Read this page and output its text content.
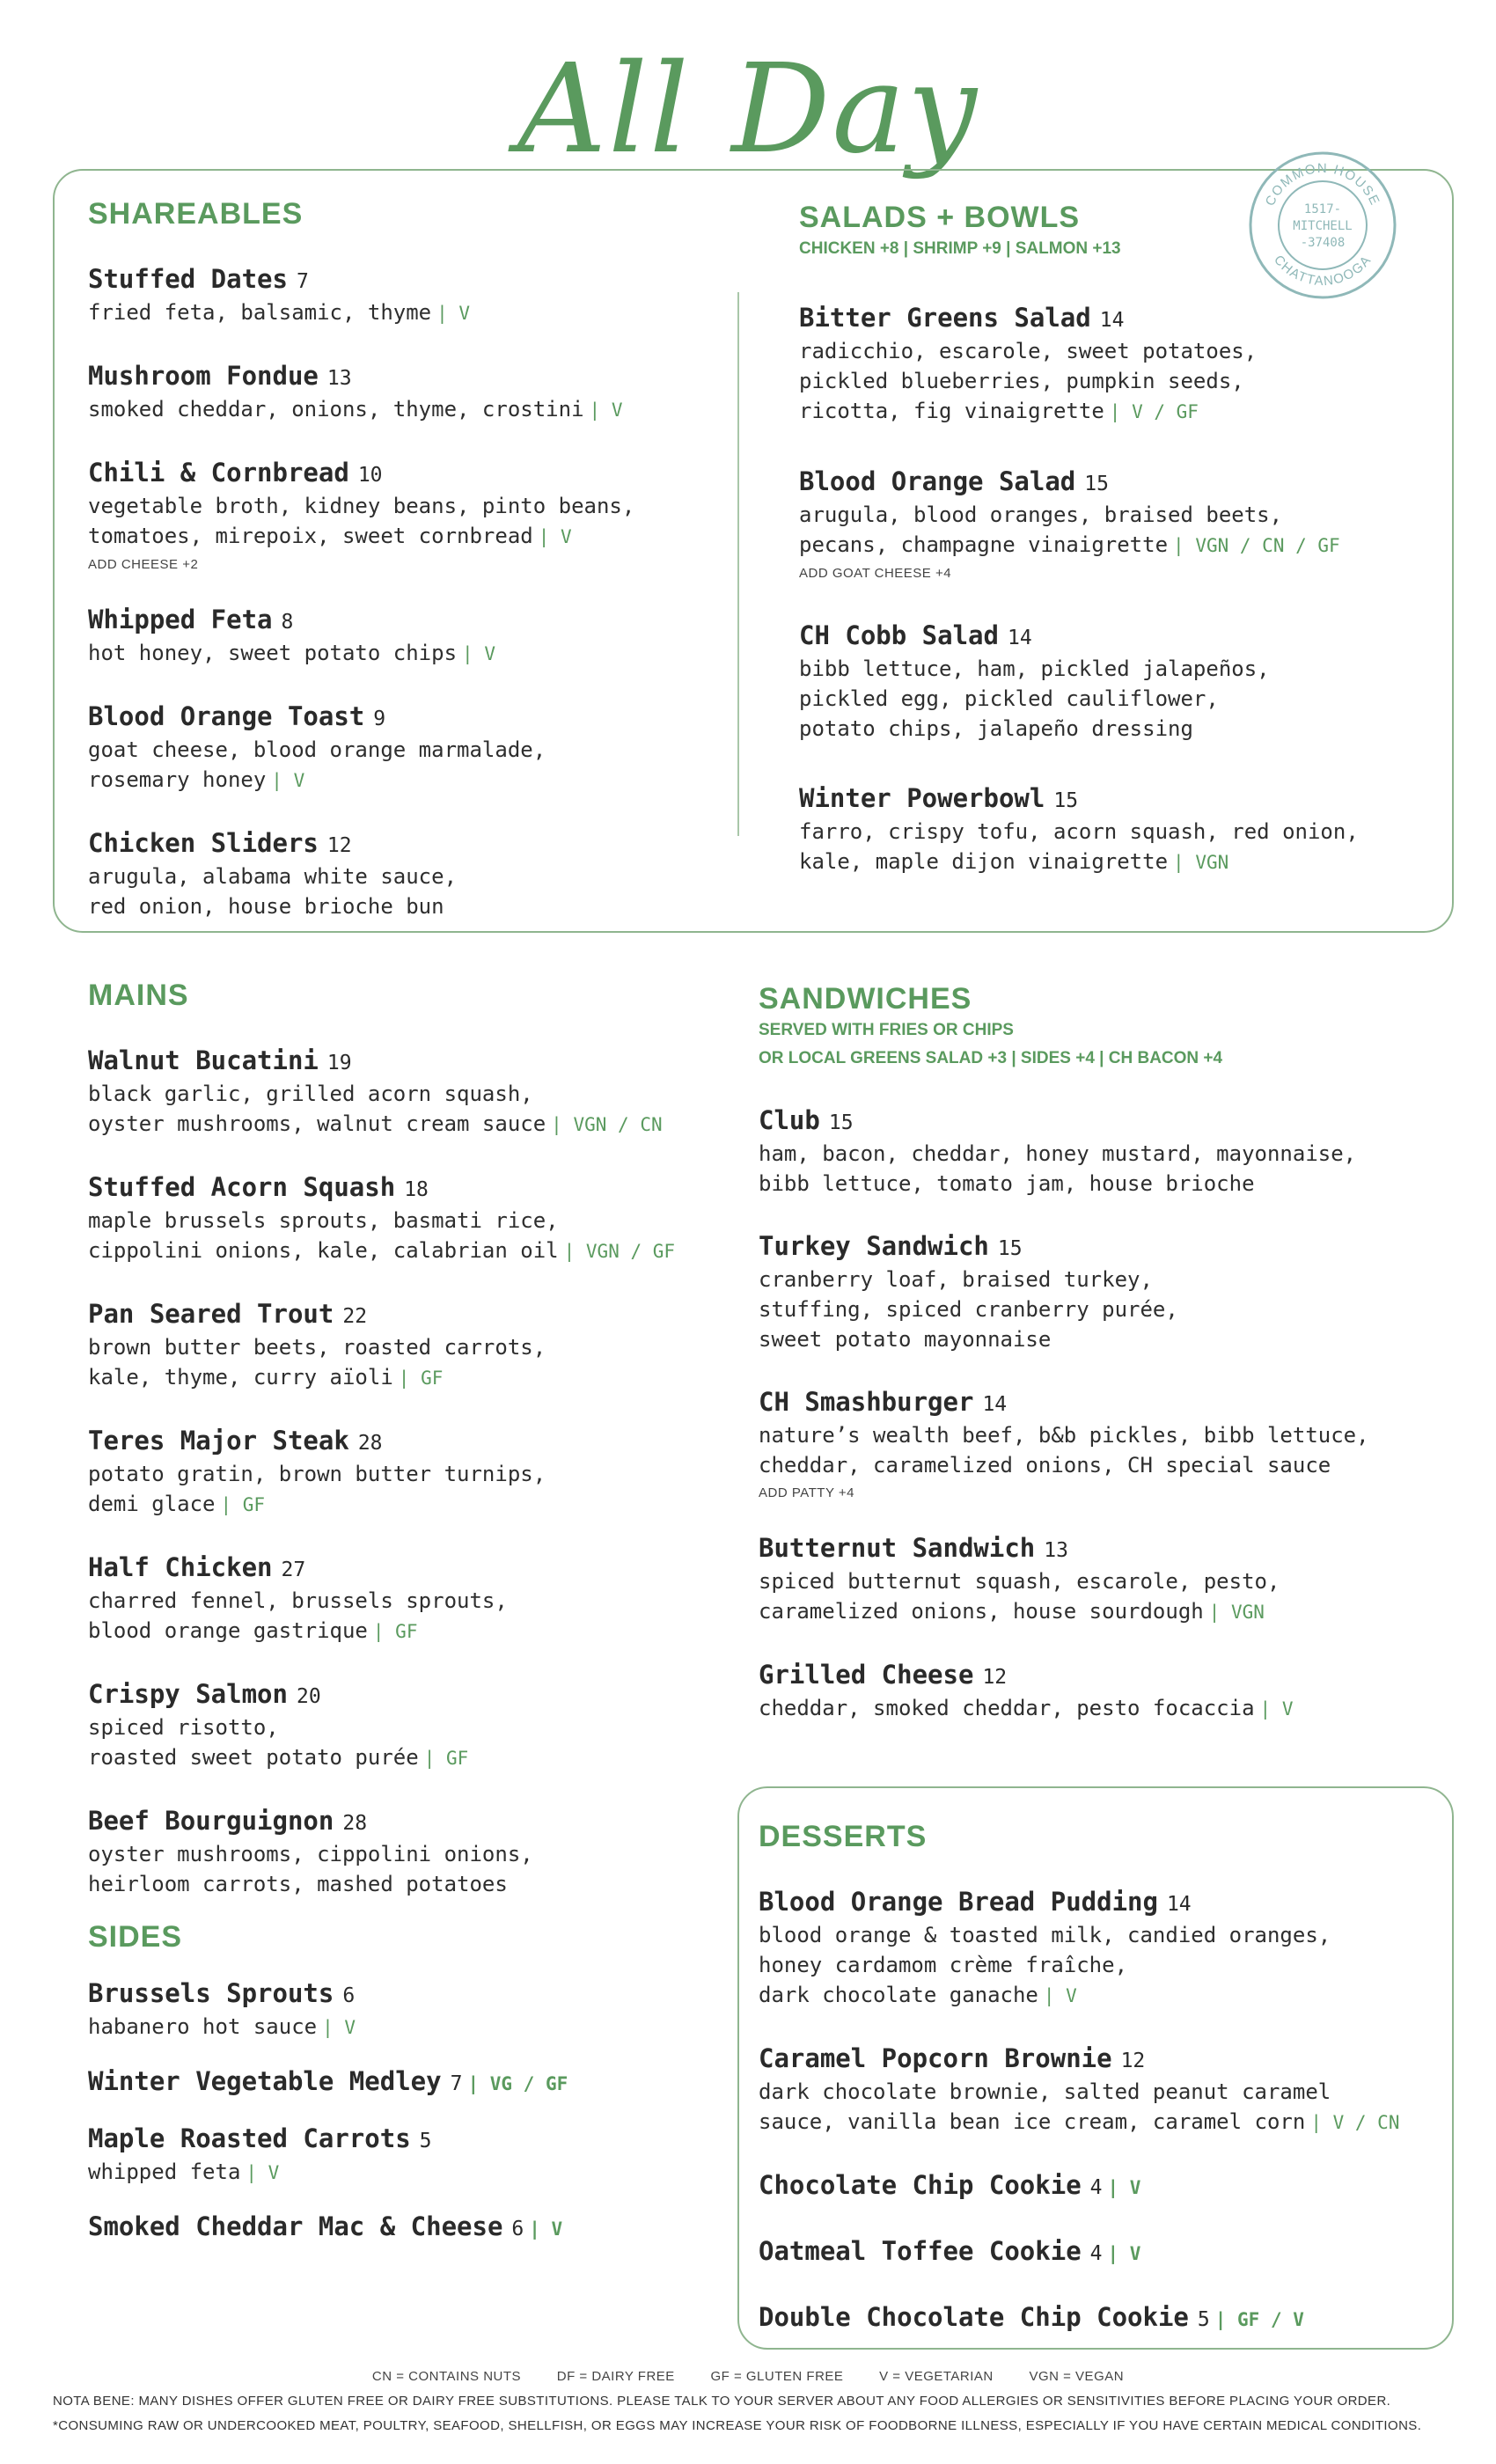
All Day
COMMON HOUSE
CHATTANOOGA
1517-
MITCHELL
-37408
SHAREABLES
Stuffed Dates 7
fried feta, balsamic, thyme | V
Mushroom Fondue 13
smoked cheddar, onions, thyme, crostini | V
Chili & Cornbread 10
vegetable broth, kidney beans, pinto beans,
tomatoes, mirepoix, sweet cornbread | V
ADD CHEESE +2
Whipped Feta 8
hot honey, sweet potato chips | V
Blood Orange Toast 9
goat cheese, blood orange marmalade,
rosemary honey | V
Chicken Sliders 12
arugula, alabama white sauce,
red onion, house brioche bun
SALADS + BOWLS
CHICKEN +8 | SHRIMP +9 | SALMON +13
Bitter Greens Salad 14
radicchio, escarole, sweet potatoes,
pickled blueberries, pumpkin seeds,
ricotta, fig vinaigrette | V / GF
Blood Orange Salad 15
arugula, blood oranges, braised beets,
pecans, champagne vinaigrette | VGN / CN / GF
ADD GOAT CHEESE +4
CH Cobb Salad 14
bibb lettuce, ham, pickled jalapeños,
pickled egg, pickled cauliflower,
potato chips, jalapeño dressing
Winter Powerbowl 15
farro, crispy tofu, acorn squash, red onion,
kale, maple dijon vinaigrette | VGN
MAINS
Walnut Bucatini 19
black garlic, grilled acorn squash,
oyster mushrooms, walnut cream sauce | VGN / CN
Stuffed Acorn Squash 18
maple brussels sprouts, basmati rice,
cippolini onions, kale, calabrian oil | VGN / GF
Pan Seared Trout 22
brown butter beets, roasted carrots,
kale, thyme, curry aïoli | GF
Teres Major Steak 28
potato gratin, brown butter turnips,
demi glace | GF
Half Chicken 27
charred fennel, brussels sprouts,
blood orange gastrique | GF
Crispy Salmon 20
spiced risotto,
roasted sweet potato purée | GF
Beef Bourguignon 28
oyster mushrooms, cippolini onions,
heirloom carrots, mashed potatoes
SIDES
Brussels Sprouts 6
habanero hot sauce | V
Winter Vegetable Medley 7 | VG / GF
Maple Roasted Carrots 5
whipped feta | V
Smoked Cheddar Mac & Cheese 6 | V
SANDWICHES
SERVED WITH FRIES OR CHIPS
OR LOCAL GREENS SALAD +3 | SIDES +4 | CH BACON +4
Club 15
ham, bacon, cheddar, honey mustard, mayonnaise,
bibb lettuce, tomato jam, house brioche
Turkey Sandwich 15
cranberry loaf, braised turkey,
stuffing, spiced cranberry purée,
sweet potato mayonnaise
CH Smashburger 14
nature’s wealth beef, b&b pickles, bibb lettuce,
cheddar, caramelized onions, CH special sauce
ADD PATTY +4
Butternut Sandwich 13
spiced butternut squash, escarole, pesto,
caramelized onions, house sourdough | VGN
Grilled Cheese 12
cheddar, smoked cheddar, pesto focaccia | V
DESSERTS
Blood Orange Bread Pudding 14
blood orange & toasted milk, candied oranges,
honey cardamom crème fraîche,
dark chocolate ganache | V
Caramel Popcorn Brownie 12
dark chocolate brownie, salted peanut caramel
sauce, vanilla bean ice cream, caramel corn | V / CN
Chocolate Chip Cookie 4 | V
Oatmeal Toffee Cookie 4 | V
Double Chocolate Chip Cookie 5 | GF / V
CN = CONTAINS NUTS	DF = DAIRY FREE	GF = GLUTEN FREE	V = VEGETARIAN	VGN = VEGAN
NOTA BENE: MANY DISHES OFFER GLUTEN FREE OR DAIRY FREE SUBSTITUTIONS. PLEASE TALK TO YOUR SERVER ABOUT ANY FOOD ALLERGIES OR SENSITIVITIES BEFORE PLACING YOUR ORDER.
*CONSUMING RAW OR UNDERCOOKED MEAT, POULTRY, SEAFOOD, SHELLFISH, OR EGGS MAY INCREASE YOUR RISK OF FOODBORNE ILLNESS, ESPECIALLY IF YOU HAVE CERTAIN MEDICAL CONDITIONS.
